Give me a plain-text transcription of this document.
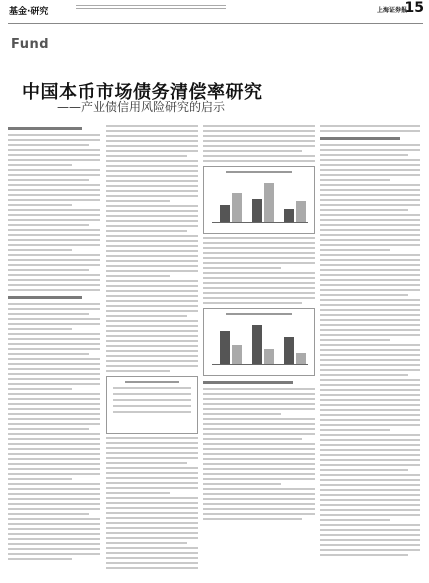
基金·研究	上海证券报
15
Fund
中国本币市场债务清偿率研究
——产业债信用风险研究的启示
